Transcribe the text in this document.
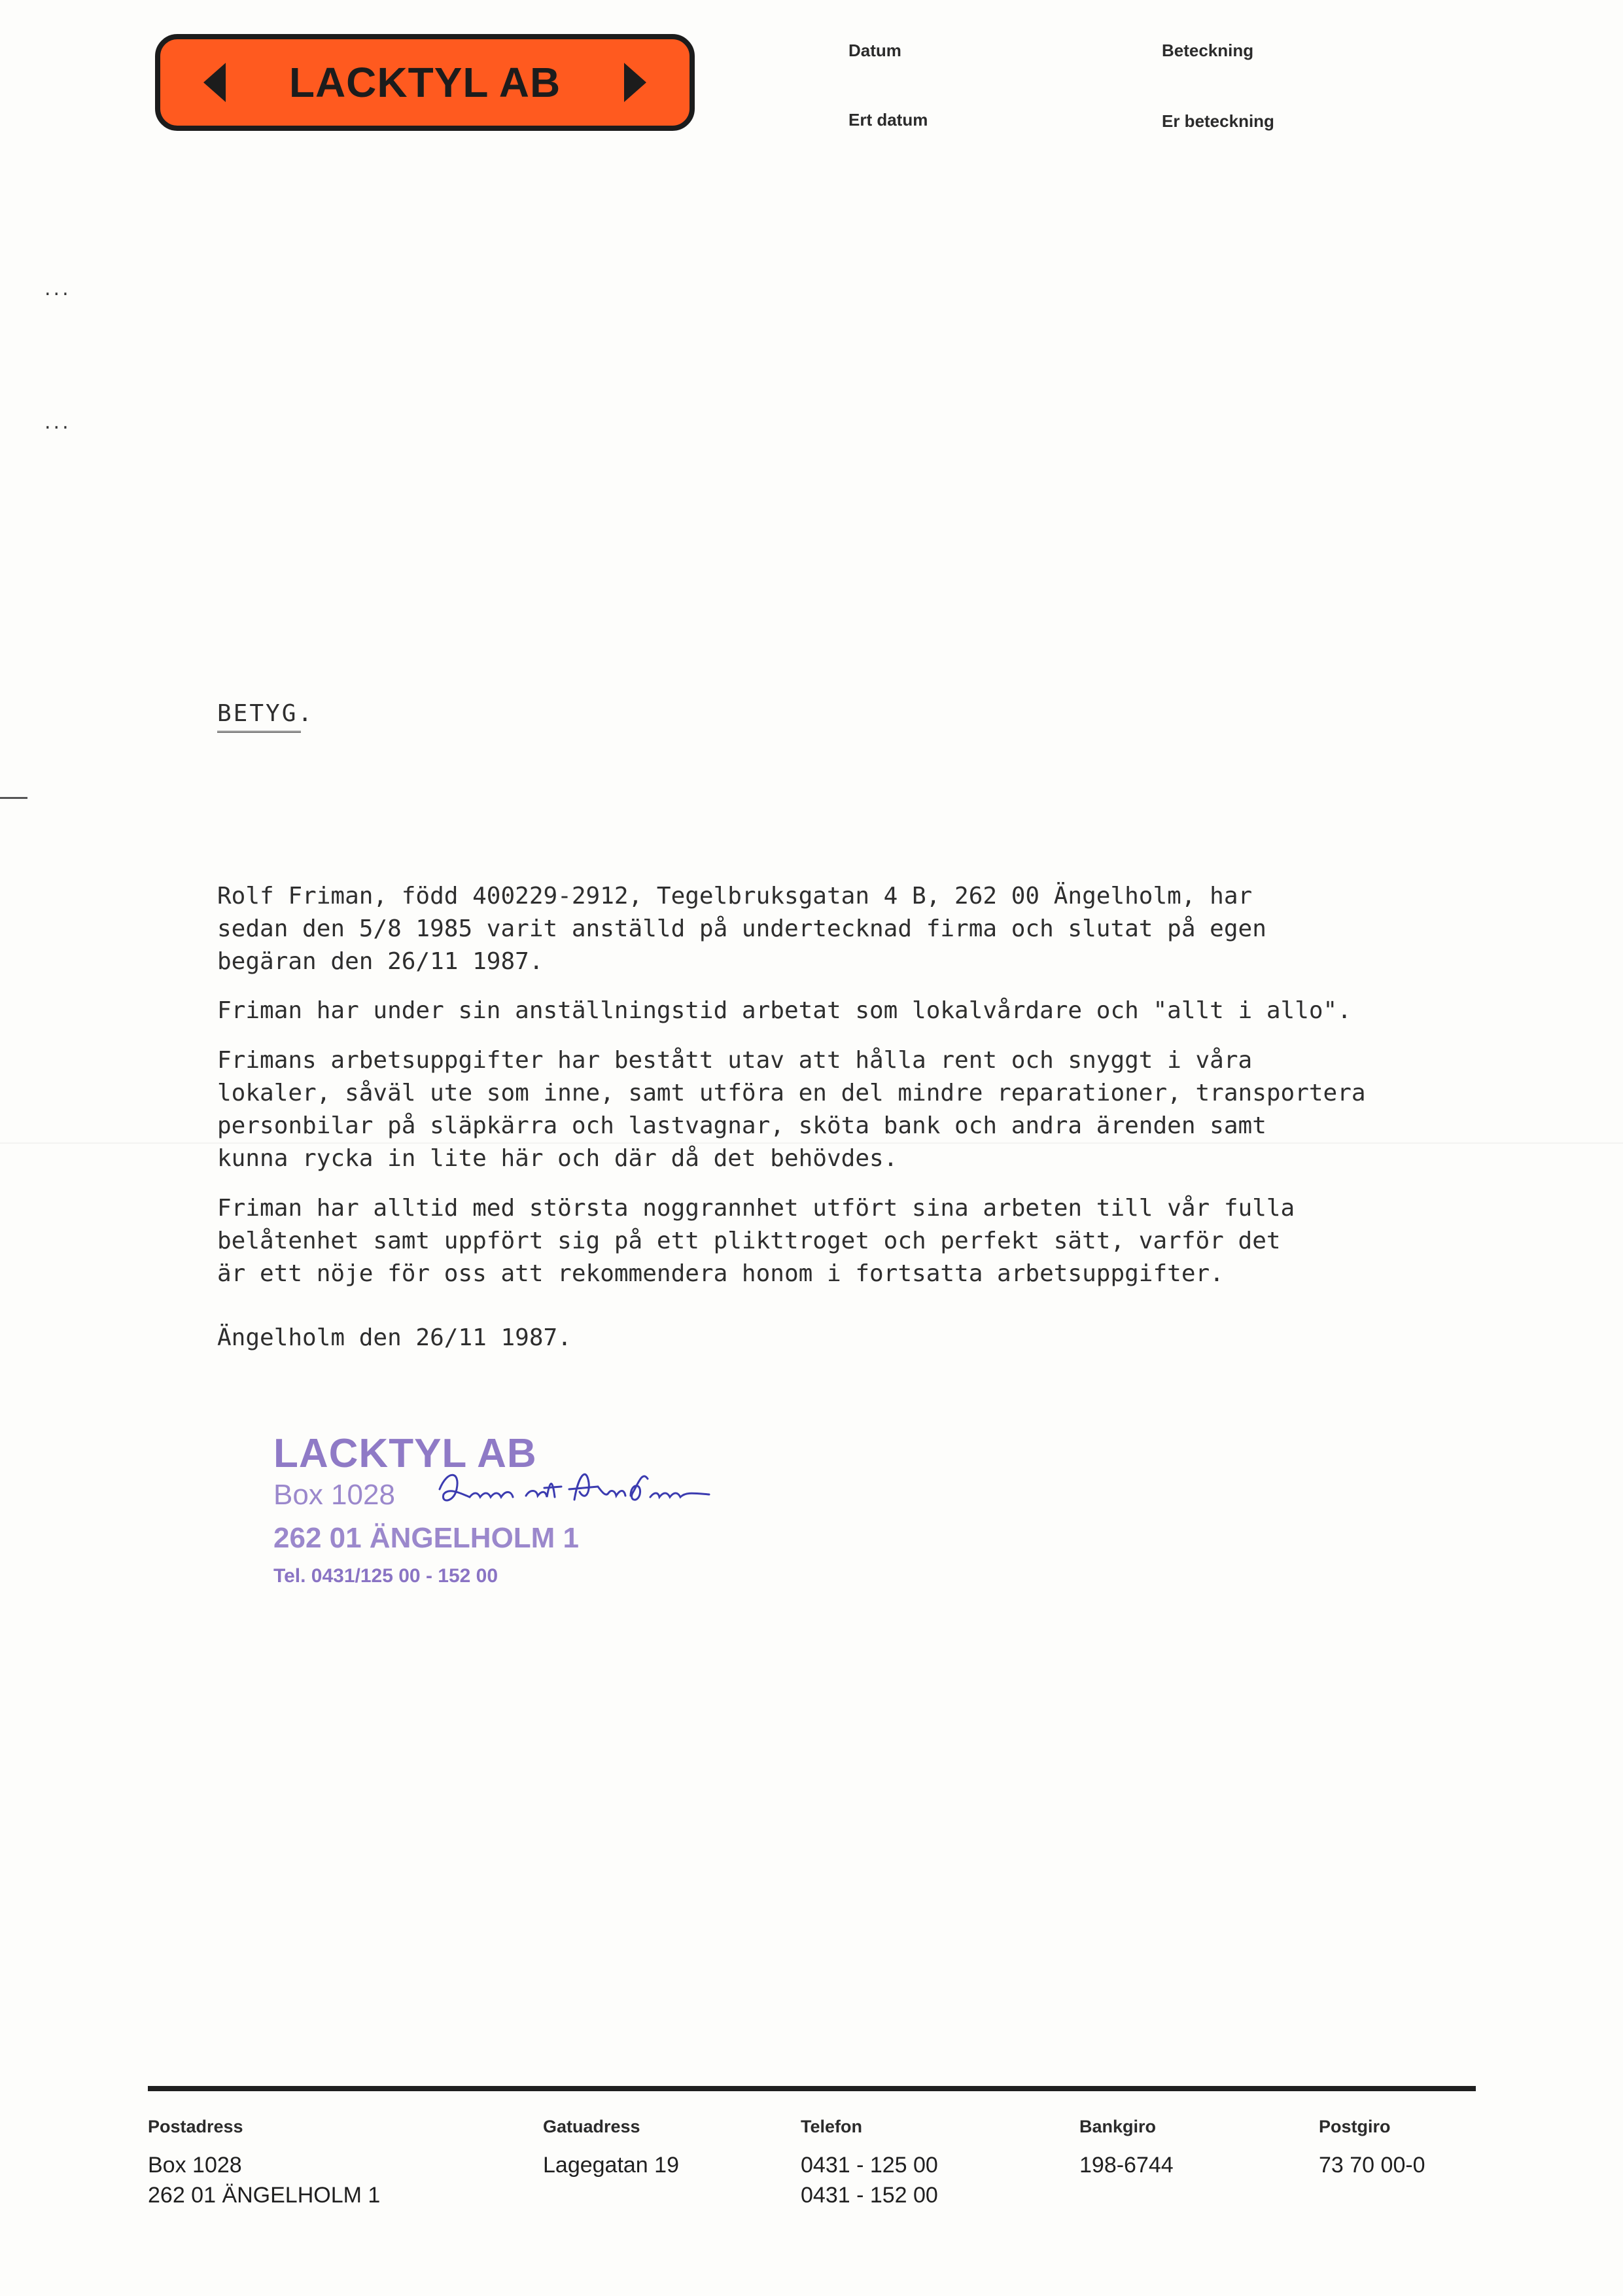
LACKTYL AB
Datum	Beteckning
Ert datum	Er beteckning
...
...
BETYG.
Rolf Friman, född 400229-2912, Tegelbruksgatan 4 B, 262 00 Ängelholm, har
sedan den 5/8 1985 varit anställd på undertecknad firma och slutat på egen
begäran den 26/11 1987.
Friman har under sin anställningstid arbetat som lokalvårdare och "allt i allo".
Frimans arbetsuppgifter har bestått utav att hålla rent och snyggt i våra
lokaler, såväl ute som inne, samt utföra en del mindre reparationer, transportera
personbilar på släpkärra och lastvagnar, sköta bank och andra ärenden samt
kunna rycka in lite här och där då det behövdes.
Friman har alltid med största noggrannhet utfört sina arbeten till vår fulla
belåtenhet samt uppfört sig på ett plikttroget och perfekt sätt, varför det
är ett nöje för oss att rekommendera honom i fortsatta arbetsuppgifter.
Ängelholm den 26/11 1987.
LACKTYL AB
Box 1028
262 01 ÄNGELHOLM 1
Tel. 0431/125 00 - 152 00
Postadress
Box 1028
262 01 ÄNGELHOLM 1
Gatuadress
Lagegatan 19
Telefon
0431 - 125 00
0431 - 152 00
Bankgiro
198-6744
Postgiro
73 70 00-0
